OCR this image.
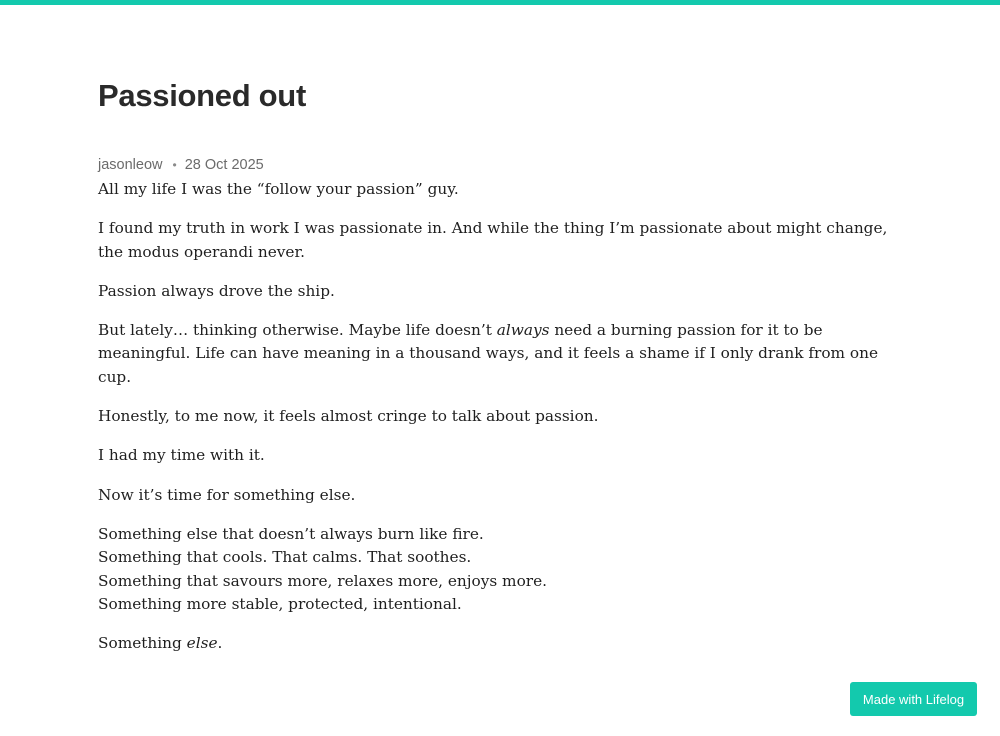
Passioned out
jasonleow • 28 Oct 2025

All my life I was the “follow your passion” guy.

I found my truth in work I was passionate in. And while the thing I’m passionate about might change, the modus operandi never.

Passion always drove the ship.

But lately… thinking otherwise. Maybe life doesn’t always need a burning passion for it to be meaningful. Life can have meaning in a thousand ways, and it feels a shame if I only drank from one cup.

Honestly, to me now, it feels almost cringe to talk about passion.

I had my time with it.

Now it’s time for something else.

Something else that doesn’t always burn like fire.
Something that cools. That calms. That soothes.
Something that savours more, relaxes more, enjoys more.
Something more stable, protected, intentional.

Something else.

Made with Lifelog
